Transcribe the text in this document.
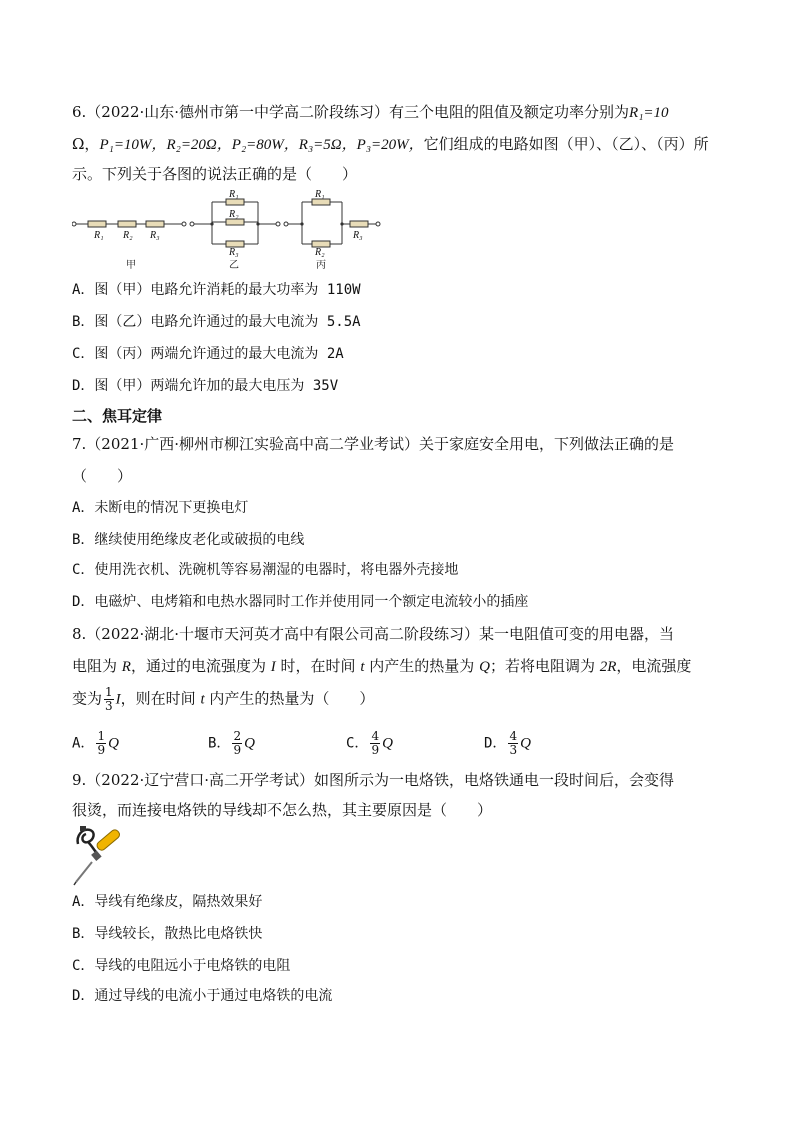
6.（2022·山东·德州市第一中学高二阶段练习）有三个电阻的阻值及额定功率分别为R₁=10
Ω，P₁=10W，R₂=20Ω，P₂=80W，R₃=5Ω，P₃=20W，它们组成的电路如图（甲）、（乙）、（丙）所
示。下列关于各图的说法正确的是（　　）
R₁ R₂ R₃
R₁
R₂
R₃
R₁
R₂
R₃
甲	乙	丙
A．图（甲）电路允许消耗的最大功率为 110W
B．图（乙）电路允许通过的最大电流为 5.5A
C．图（丙）两端允许通过的最大电流为 2A
D．图（甲）两端允许加的最大电压为 35V
二、焦耳定律
7.（2021·广西·柳州市柳江实验高中高二学业考试）关于家庭安全用电，下列做法正确的是
（　　）
A．未断电的情况下更换电灯
B．继续使用绝缘皮老化或破损的电线
C．使用洗衣机、洗碗机等容易潮湿的电器时，将电器外壳接地
D．电磁炉、电烤箱和电热水器同时工作并使用同一个额定电流较小的插座
8.（2022·湖北·十堰市天河英才高中有限公司高二阶段练习）某一电阻值可变的用电器，当
电阻为 R，通过的电流强度为 I 时，在时间 t 内产生的热量为 Q；若将电阻调为 2R，电流强度
变为 $\frac{1}{3}$ I，则在时间 t 内产生的热量为（　　）
A． $\frac{1}{9}$ Q	B． $\frac{2}{9}$ Q	C． $\frac{4}{9}$ Q	D． $\frac{4}{3}$ Q
9.（2022·辽宁营口·高二开学考试）如图所示为一电烙铁，电烙铁通电一段时间后，会变得
很烫，而连接电烙铁的导线却不怎么热，其主要原因是（　　）
A．导线有绝缘皮，隔热效果好
B．导线较长，散热比电烙铁快
C．导线的电阻远小于电烙铁的电阻
D．通过导线的电流小于通过电烙铁的电流
